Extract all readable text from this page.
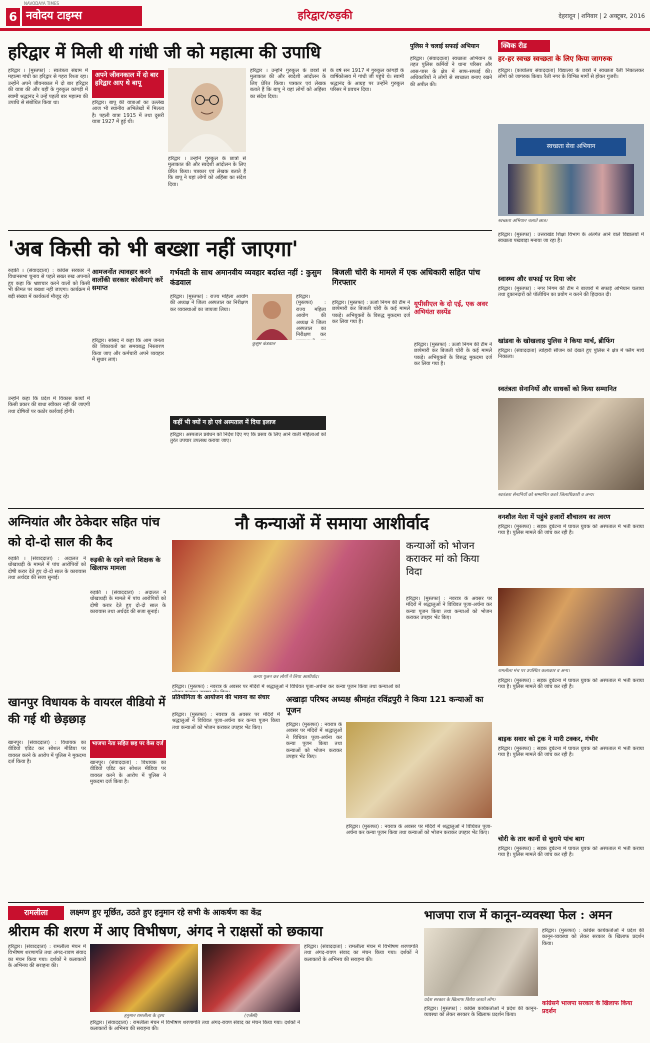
6 नवोदय टाइम्स
NAVODAYA TIMES
हरिद्वार/रुड़की	देहरादून | शनिवार | 2 अक्टूबर, 2016
हरिद्वार में मिली थी गांधी जी को महात्मा की उपाधि
हरिद्वार । (मुस्तफा) : स्वतंत्रता संग्राम में महात्मा गांधी का हरिद्वार से गहरा रिश्ता रहा। उन्होंने अपने जीवनकाल में दो बार हरिद्वार की यात्रा की और यहीं के गुरुकुल कांगड़ी में स्वामी श्रद्धानंद ने उन्हें पहली बार महात्मा की उपाधि से संबोधित किया था।
अपने जीवनकाल में दो बार हरिद्वार आए थे बापू
हरिद्वार। बापू की यात्राओं का उल्लेख आज भी स्थानीय अभिलेखों में मिलता है। पहली यात्रा 1915 में तथा दूसरी यात्रा 1927 में हुई थी।
हरिद्वार । उन्होंने गुरुकुल के छात्रों से मुलाकात की और स्वदेशी आंदोलन के लिए प्रेरित किया। पत्रकार एवं लेखक बताते हैं कि बापू ने यहां लोगों को अहिंसा का संदेश दिया।
हरिद्वार । उन्होंने गुरुकुल के छात्रों से मुलाकात की और स्वदेशी आंदोलन के लिए प्रेरित किया। पत्रकार एवं लेखक बताते हैं कि बापू ने यहां लोगों को अहिंसा का संदेश दिया।
के वर्ष सन 1917 में गुरुकुल कांगड़ी के वार्षिकोत्सव में गांधी जी पहुंचे थे। स्वामी श्रद्धानंद के आग्रह पर उन्होंने गुरुकुल परिसर में प्रवचन दिया।
पुलिस ने चलाई सफाई अभियान
हरिद्वार। (संवाददाता) स्वच्छता अभियान के तहत पुलिस कर्मियों ने थाना परिसर और आस-पास के क्षेत्र में साफ-सफाई की। अधिकारियों ने लोगों से स्वच्छता बनाए रखने की अपील की।
क्विक रीड
हर-हर स्वच्छ स्वच्छता के लिए किया जागरुक
हरिद्वार। (कार्यालय संवाददाता) विद्यालय के छात्रों ने स्वच्छता रैली निकालकर लोगों को जागरुक किया। रैली नगर के विभिन्न मार्गों से होकर गुजरी।
स्वच्छता सेवा अभियान
स्वच्छता अभियान चलाते छात्र।
'अब किसी को भी बख्शा नहीं जाएगा'
रुड़की । (संवाददाता) : कांग्रेस सरकार ने विधानसभा चुनाव से पहले सख्त रुख अपनाते हुए कहा कि भ्रष्टाचार करने वालों को किसी भी कीमत पर बख्शा नहीं जाएगा। कार्यक्रम में बड़ी संख्या में कार्यकर्ता मौजूद रहे।
आमजनोंत त्यावहार करने वालोंकी सरकार कोसीमाएं करें समाप्त
हरिद्वार। सांसद ने कहा कि आम जनता की शिकायतों का समयबद्ध निस्तारण किया जाए और कर्मचारी अपने व्यवहार में सुधार लाएं।
उन्होंने कहा कि प्रदेश में विकास कार्यों में किसी प्रकार की बाधा स्वीकार नहीं की जाएगी तथा दोषियों पर कठोर कार्रवाई होगी।
गर्भवती के साथ अमानवीय व्यवहार बर्दाश्त नहीं : कुसुम कंडवाल
हरिद्वार। (मुस्तफा) : राज्य महिला आयोग की अध्यक्ष ने जिला अस्पताल का निरीक्षण कर व्यवस्थाओं का जायजा लिया।
कुसुम कंडवाल
हरिद्वार। (मुस्तफा) : राज्य महिला आयोग की अध्यक्ष ने जिला अस्पताल का निरीक्षण कर
कहीं भी क्यों न हो एवं अस्पताल में दिया इलाज
हरिद्वार। अस्पताल प्रबंधन को निर्देश दिए गए कि प्रसव के लिए आने वाली महिलाओं को तुरंत उपचार उपलब्ध कराया जाए।
बिजली चोरी के मामले में एक अधिकारी सहित पांच गिरफ्तार
हरिद्वार। (मुस्तफा) : ऊर्जा निगम की टीम ने छापेमारी कर बिजली चोरी के कई मामले पकड़े। अभियुक्तों के विरुद्ध मुकदमा दर्ज कर लिया गया है।
यूपीसीएल के दो एई, एक अवर अभियंता सस्पेंड
हरिद्वार। (मुस्तफा) : ऊर्जा निगम की टीम ने छापेमारी कर बिजली चोरी के कई मामले पकड़े। अभियुक्तों के विरुद्ध मुकदमा दर्ज कर लिया गया है।
हरिद्वार। (मुस्तफा) : उत्तराखंड शिक्षा विभाग के अंतर्गत आने वाले विद्यालयों में स्वच्छता पखवाड़ा मनाया जा रहा है।
स्वास्थ्य और सफाई पर दिया जोर
हरिद्वार। (मुस्तफा) : नगर निगम की टीम ने बाजारों में सफाई अभियान चलाया तथा दुकानदारों को पॉलीथिन का प्रयोग न करने की हिदायत दी।
खांडवा के खोखलाह पुलिस ने किया मार्च, ब्रीफिंग
हरिद्वार। (संवाददाता) त्योहारी सीजन को देखते हुए पुलिस ने क्षेत्र में फ्लैग मार्च निकाला।
स्वतंत्रता सेनानियों और साधकों को किया सम्मानित
स्वतंत्रता सेनानियों को सम्मानित करते जिलाधिकारी व अन्य।
अग्नियांत और ठेकेदार सहित पांच को दो-दो साल की कैद
रुड़की । (संवाददाता) : अदालत ने धोखाधड़ी के मामले में पांच आरोपियों को दोषी करार देते हुए दो-दो साल के कारावास तथा अर्थदंड की सजा सुनाई।
रुड़की के रहने वाले शिक्षक के खिलाफ मामला
रुड़की । (संवाददाता) : अदालत ने धोखाधड़ी के मामले में पांच आरोपियों को दोषी करार देते हुए दो-दो साल के कारावास तथा अर्थदंड की सजा सुनाई।
नौ कन्याओं में समाया आशीर्वाद
कन्या पूजन कर लोगों ने लिया आशीर्वाद।
कन्याओं को भोजन कराकर मां को किया विदा
हरिद्वार। (मुस्तफा) : नवरात्र के अवसर पर मंदिरों में श्रद्धालुओं ने विधिवत पूजा-अर्चना कर कन्या पूजन किया तथा कन्याओं को भोजन कराकर उपहार भेंट किए।
हरिद्वार। (मुस्तफा) : नवरात्र के अवसर पर मंदिरों में श्रद्धालुओं ने विधिवत पूजा-अर्चना कर कन्या पूजन किया तथा कन्याओं को
प्रतियोगिता के आयोजन की भावना का संचार
हरिद्वार। (मुस्तफा) : नवरात्र के अवसर पर मंदिरों में श्रद्धालुओं ने विधिवत पूजा-अर्चना कर कन्या पूजन किया तथा कन्याओं को भोजन कराकर उपहार भेंट किए।
अखाड़ा परिषद अध्यक्ष श्रीमहंत रविंद्रपुरी ने किया 121 कन्याओं का पूजन
हरिद्वार। (मुस्तफा) : नवरात्र के अवसर पर मंदिरों में श्रद्धालुओं ने विधिवत पूजा-अर्चना कर कन्या पूजन किया तथा कन्याओं को भोजन कराकर उपहार भेंट किए।
हरिद्वार। (मुस्तफा) : नवरात्र के अवसर पर मंदिरों में श्रद्धालुओं ने विधिवत पूजा-अर्चना कर कन्या पूजन किया तथा कन्याओं को भोजन कराकर उपहार भेंट किए।
खानपुर विधायक के वायरल वीडियो में की गई थी छेड़छाड़
खानपुर। (संवाददाता) : विधायक का वीडियो एडिट कर सोशल मीडिया पर वायरल करने के आरोप में पुलिस ने मुकदमा दर्ज किया है।
भाजपा नेता सहित छह पर केस दर्ज
खानपुर। (संवाददाता) : विधायक का वीडियो एडिट कर सोशल मीडिया पर वायरल करने के आरोप में पुलिस ने मुकदमा दर्ज किया है।
वनशौल मेला में पहुंचे हजारों शौचालय का त्वरण
हरिद्वार। (मुस्तफा) : सड़क दुर्घटना में घायल युवक को अस्पताल में भर्ती कराया गया है। पुलिस मामले की जांच कर रही है।
रामलीला मंच पर उपस्थित कलाकार व अन्य।
हरिद्वार। (मुस्तफा) : सड़क दुर्घटना में घायल युवक को अस्पताल में भर्ती कराया गया है। पुलिस मामले की जांच कर रही है।
बाइक सवार को ट्रक ने मारी टक्कर, गंभीर
हरिद्वार। (मुस्तफा) : सड़क दुर्घटना में घायल युवक को अस्पताल में भर्ती कराया गया है। पुलिस मामले की जांच कर रही है।
चोरी के तार कानों से चुराये पांच बाग
हरिद्वार। (मुस्तफा) : सड़क दुर्घटना में घायल युवक को अस्पताल में भर्ती कराया गया है। पुलिस मामले की जांच कर रही है।
रामलीला	लक्ष्मण हुए मूर्छित, उठते हुए हनुमान रहे सभी के आकर्षण का केंद्र
श्रीराम की शरण में आए विभीषण, अंगद ने राक्षसों को छकाया
हरिद्वार। (संवाददाता) : रामलीला मंचन में विभीषण शरणागति तथा अंगद-रावण संवाद का मंचन किया गया। दर्शकों ने कलाकारों के अभिनय की सराहना की।
हनुमान रामलीला के दृश्य	(एजेंसी)
हरिद्वार। (संवाददाता) : रामलीला मंचन में विभीषण शरणागति तथा अंगद-रावण संवाद का मंचन किया गया। दर्शकों ने कलाकारों के अभिनय की सराहना की।
हरिद्वार। (संवाददाता) : रामलीला मंचन में विभीषण शरणागति तथा अंगद-रावण संवाद का मंचन किया गया। दर्शकों ने कलाकारों के अभिनय की सराहना की।
भाजपा राज में कानून-व्यवस्था फेल : अमन
प्रदेश सरकार के खिलाफ विरोध जताते लोग।
हरिद्वार। (मुस्तफा) : कांग्रेस कार्यकर्ताओं ने प्रदेश की कानून-व्यवस्था को लेकर सरकार के खिलाफ प्रदर्शन किया।
कांग्रेसने भाजपा सरकार के खिलाफ किया प्रदर्शन
हरिद्वार। (मुस्तफा) : कांग्रेस कार्यकर्ताओं ने प्रदेश की कानून-व्यवस्था को लेकर सरकार के खिलाफ प्रदर्शन किया।
